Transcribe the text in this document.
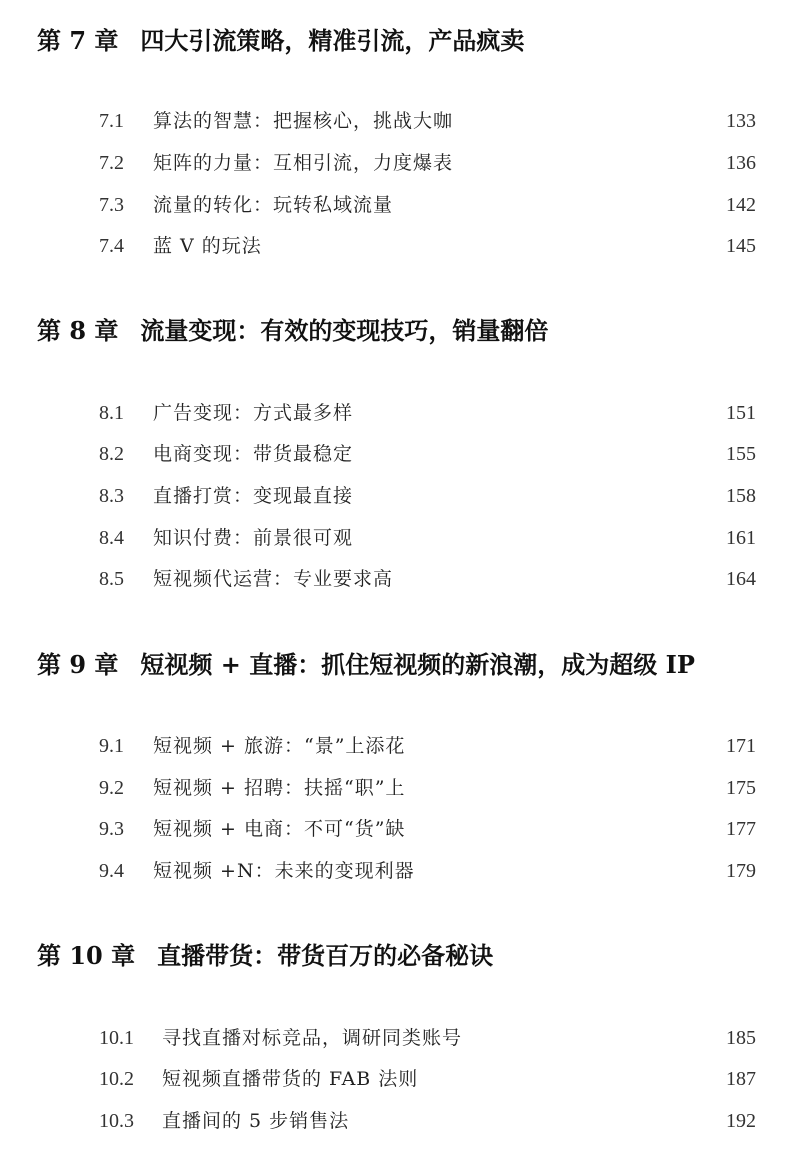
第 7 章 四大引流策略，精准引流，产品疯卖
7.1 算法的智慧：把握核心，挑战大咖	133
7.2 矩阵的力量：互相引流，力度爆表	136
7.3 流量的转化：玩转私域流量	142
7.4 蓝 V 的玩法	145
第 8 章 流量变现：有效的变现技巧，销量翻倍
8.1 广告变现：方式最多样	151
8.2 电商变现：带货最稳定	155
8.3 直播打赏：变现最直接	158
8.4 知识付费：前景很可观	161
8.5 短视频代运营：专业要求高	164
第 9 章 短视频 + 直播：抓住短视频的新浪潮，成为超级 IP
9.1 短视频 + 旅游：“景”上添花	171
9.2 短视频 + 招聘：扶摇“职”上	175
9.3 短视频 + 电商：不可“货”缺	177
9.4 短视频 +N：未来的变现利器	179
第 10 章 直播带货：带货百万的必备秘诀
10.1 寻找直播对标竞品，调研同类账号	185
10.2 短视频直播带货的 FAB 法则	187
10.3 直播间的 5 步销售法	192
